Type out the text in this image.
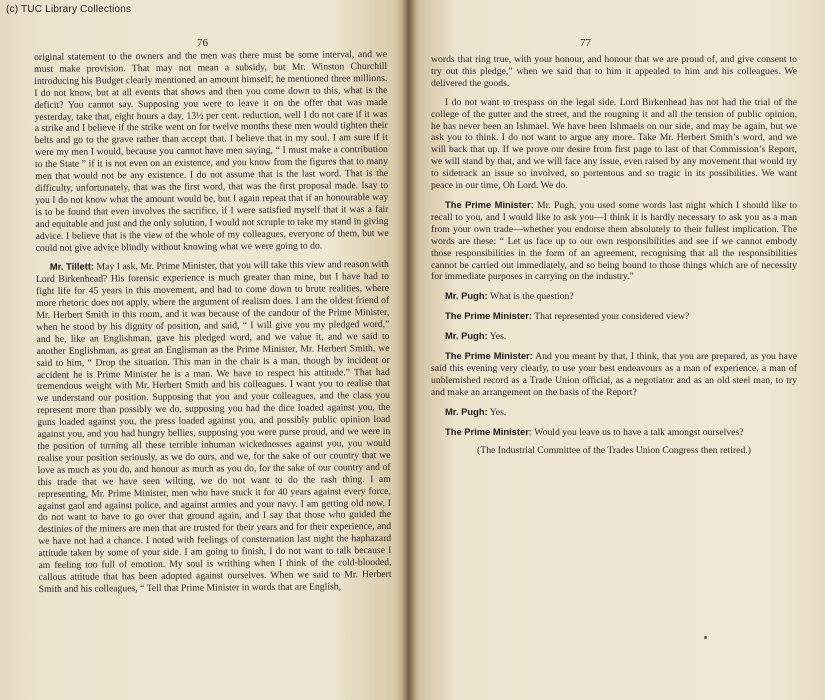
(c) TUC Library Collections
76

original statement to the owners and the men was there must be some interval, and we must make provision. That may not mean a subsidy, but Mr. Winston Churchill introducing his Budget clearly mentioned an amount himself; he mentioned three millions. I do not know, but at all events that shows and then you come down to this, what is the deficit? You cannot say. Supposing you were to leave it on the offer that was made yesterday, take that, eight hours a day, 13½ per cent. reduction, well I do not care if it was a strike and I believe if the strike went on for twelve months these men would tighten their belts and go to the grave rather than accept that. I believe that in my soul. I am sure if it were my men I would, because you cannot have men saying, “ I must make a contribution to the State ” if it is not even on an existence, and you know from the figures that to many men that would not be any existence. I do not assume that is the last word. That is the difficulty, unfortunately, that was the first word, that was the first proposal made. Isay to you I do not know what the amount would be, but I again repeat that if an honourable way is to be found that even involves the sacrifice, if I were satisfied myself that it was a fair and equitable and just and the only solution, I would not scruple to take my stand in giving advice. I believe that is the view of the whole of my colleagues, everyone of them, but we could not give advice blindly without knowing what we were going to do.

Mr. Tillett: May I ask, Mr. Prime Minister, that you will take this view and reason with Lord Birkenhead? His forensic experience is much greater than mine, but I have had to fight life for 45 years in this movement, and had to come down to brute realities, where more rhetoric does not apply, where the argument of realism does. I am the oldest friend of Mr. Herbert Smith in this room, and it was because of the candour of the Prime Minister, when he stood by his dignity of position, and said, “ I will give you my pledged word,” and he, like an Englishman, gave his pledged word, and we value it, and we said to another Englishman, as great an Englisman as the Prime Minister, Mr. Herbert Smith, we said to him, “ Drop the situation. This man in the chair is a man, though by incident or accident he is Prime Minister he is a man. We have to respect his attitude.” That had tremendous weight with Mr. Herbert Smith and his colleagues. I want you to realise that we understand our position. Supposing that you and your colleagues, and the class you represent more than possibly we do, supposing you had the dice loaded against you, the guns loaded against you, the press loaded against you, and possibly public opinion load against you, and you had hungry bellies, supposing you were purse proud, and we were in the position of turning all these terrible inhuman wickednesses against you, you would realise your position seriously, as we do ours, and we, for the sake of our country that we love as much as you do, and honour as much as you do, for the sake of our country and of this trade that we have seen wilting, we do not want to do the rash thing. I am representing, Mr. Prime Minister, men who have stuck it for 40 years against every force, against gaol and against police, and against armies and your navy. I am getting old now, I do not want to have to go over that ground again, and I say that those who guided the destinies of the miners are men that are trusted for their years and for their experience, and we have not had a chance. I noted with feelings of consternation last night the haphazard attitude taken by some of your side. I am going to finish, I do not want to talk because I am feeling too full of emotion. My soul is writhing when I think of the cold-blooded, callous attitude that has been adopted against ourselves. When we said to Mr. Herbert Smith and his colleagues, “ Tell that Prime Minister in words that are English,

77

words that ring true, with your honour, and honour that we are proud of, and give consent to try out this pledge,” when we said that to him it appealed to him and his colleagues. We delivered the goods.

I do not want to trespass on the legal side. Lord Birkenhead has not had the trial of the college of the gutter and the street, and the rougning it and all the tension of public opinion, he has never been an Ishmael. We have been Ishmaels on our side, and may be again, but we ask you to think. I do not want to argue any more. Take Mr. Herbert Smith’s word, and we will back that up. If we prove our desire from first page to last of that Commission’s Report, we will stand by that, and we will face any issue, even raised by any movement that would try to sidetrack an issue so involved, so portentous and so tragic in its possibilities. We want peace in our time, Oh Lord. We do.

The Prime Minister: Mr. Pugh, you used some words last night which I should like to recall to you, and I would like to ask you—I think it is hardly necessary to ask you as a man from your own trade—whether you endorse them absolutely to their fullest implication. The words are these: “ Let us face up to our own responsibilities and see if we cannot embody those responsibilities in the form of an agreement, recognising that all the responsibilities cannot be carried out immediately, and so being bound to those things which are of necessity for immediate purposes in carrying on the industry.”

Mr. Pugh: What is the question?

The Prime Minister: That represented your considered view?

Mr. Pugh: Yes.

The Prime Minister: And you meant by that, I think, that you are prepared, as you have said this evening very clearly, to use your best endeavours as a man of experience, a man of unblemished record as a Trade Union official, as a negotiator and as an old steel man, to try and make an arrangement on the basis of the Report?

Mr. Pugh: Yes.

The Prime Minister: Would you leave us to have a talk amongst ourselves?

(The Industrial Committee of the Trades Union Congress then retired.)
